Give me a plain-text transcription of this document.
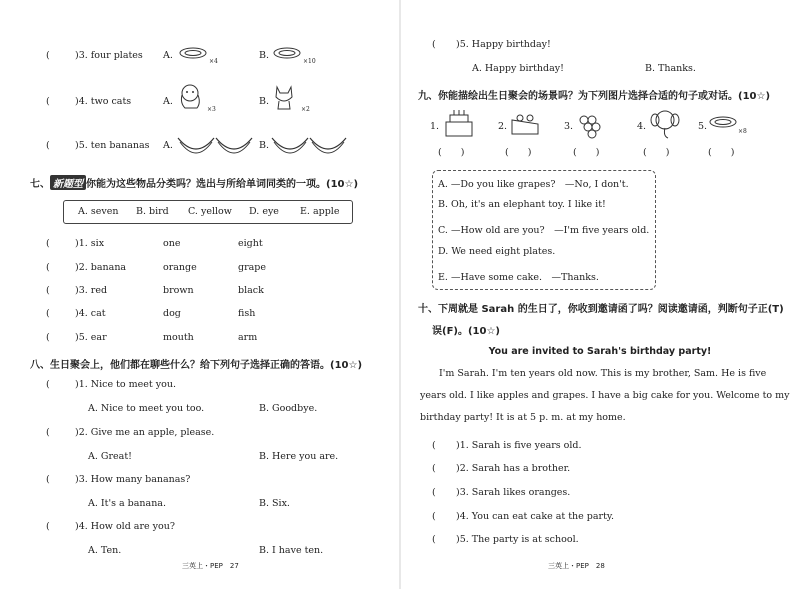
(	)3. four plates A.
×4
B.
×10
(	)4. two cats	A.
×3
B.
×2
(	)5. ten bananas A.	B.
七、 新题型 你能为这些物品分类吗？选出与所给单词同类的一项。(10☆)
A. seven B. bird C. yellow D. eye E. apple
(	)1. six	one	eight
(	)2. banana	orange	grape
(	)3. red	brown	black
(	)4. cat	dog	fish
(	)5. ear	mouth	arm
八、生日聚会上，他们都在聊些什么？给下列句子选择正确的答语。(10☆)
(	)1. Nice to meet you.
A. Nice to meet you too.	B. Goodbye.
(	)2. Give me an apple, please.
A. Great!	B. Here you are.
(	)3. How many bananas?
A. It's a banana.	B. Six.
(	)4. How old are you?
A. Ten.	B. I have ten.
三英上・PEP　27
( )5. Happy birthday!
A. Happy birthday!	B. Thanks.
九、你能描绘出生日聚会的场景吗？为下列图片选择合适的句子或对话。(10☆)
1.	2.	3.	4.	5.	×8
(　　)	(　　)	(　　)	(　　)	(　　)
A. —Do you like grapes?　—No, I don't.
B. Oh, it's an elephant toy. I like it!
C. —How old are you?　—I'm five years old.
D. We need eight plates.
E. —Have some cake.　—Thanks.
十、下周就是 Sarah 的生日了，你收到邀请函了吗？阅读邀请函，判断句子正(T)
误(F)。(10☆)
You are invited to Sarah's birthday party!
I'm Sarah. I'm ten years old now. This is my brother, Sam. He is five years old. I like apples and grapes. I have a big cake for you. Welcome to my birthday party! It is at 5 p. m. at my home.
( )1. Sarah is five years old.
( )2. Sarah has a brother.
( )3. Sarah likes oranges.
( )4. You can eat cake at the party.
( )5. The party is at school.
三英上・PEP　28
